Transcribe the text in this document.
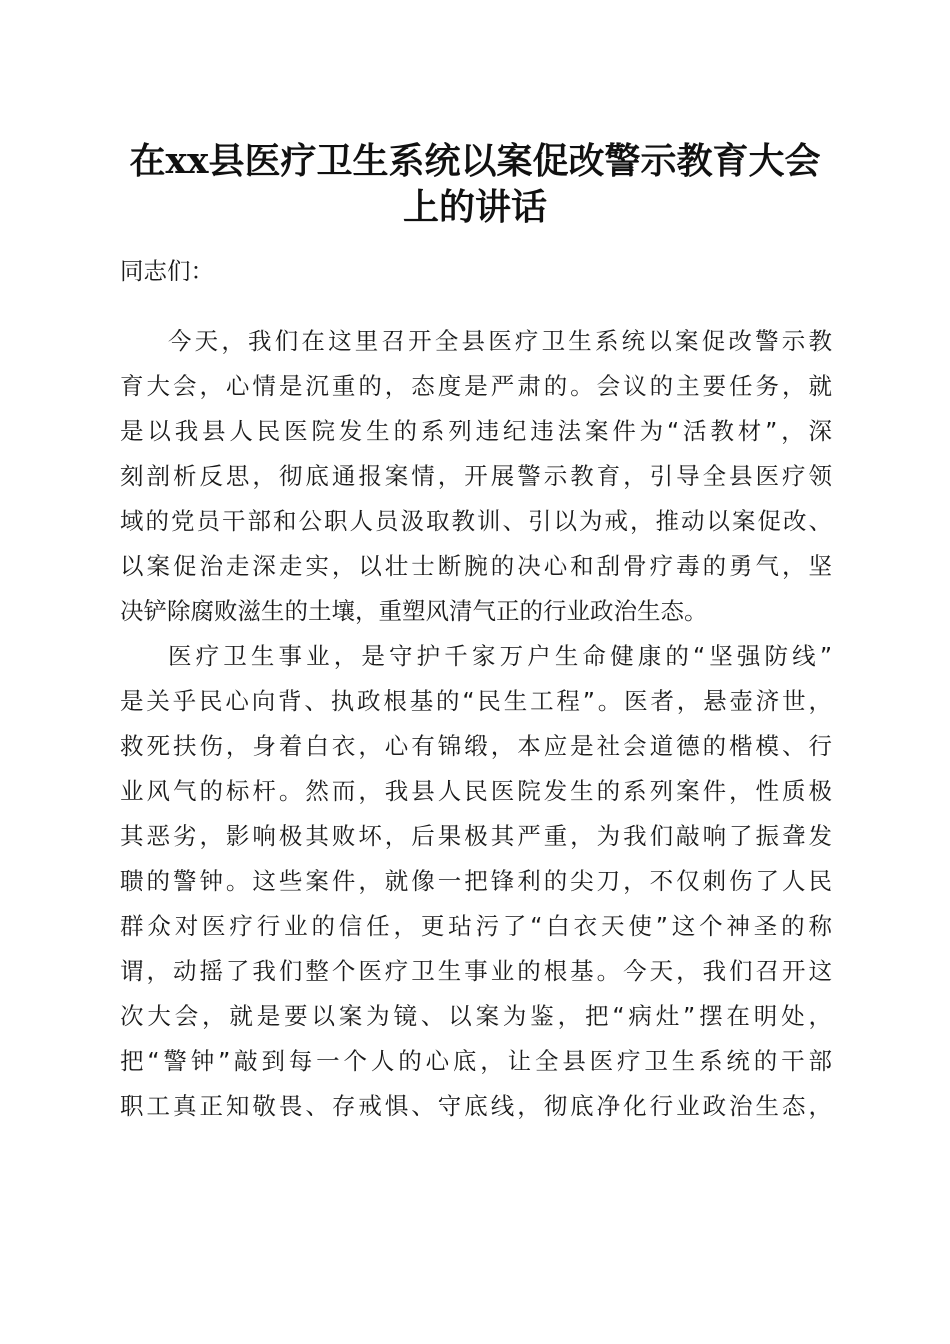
在xx县医疗卫生系统以案促改警示教育大会
上的讲话

同志们：

今天，我们在这里召开全县医疗卫生系统以案促改警示教

育大会，心情是沉重的，态度是严肃的。会议的主要任务，就

是以我县人民医院发生的系列违纪违法案件为“活教材”，深

刻剖析反思，彻底通报案情，开展警示教育，引导全县医疗领

域的党员干部和公职人员汲取教训、引以为戒，推动以案促改、

以案促治走深走实，以壮士断腕的决心和刮骨疗毒的勇气，坚

决铲除腐败滋生的土壤，重塑风清气正的行业政治生态。

医疗卫生事业，是守护千家万户生命健康的“坚强防线”

是关乎民心向背、执政根基的“民生工程”。医者，悬壶济世，

救死扶伤，身着白衣，心有锦缎，本应是社会道德的楷模、行

业风气的标杆。然而，我县人民医院发生的系列案件，性质极

其恶劣，影响极其败坏，后果极其严重，为我们敲响了振聋发

聩的警钟。这些案件，就像一把锋利的尖刀，不仅刺伤了人民

群众对医疗行业的信任，更玷污了“白衣天使”这个神圣的称

谓，动摇了我们整个医疗卫生事业的根基。今天，我们召开这

次大会，就是要以案为镜、以案为鉴，把“病灶”摆在明处，

把“警钟”敲到每一个人的心底，让全县医疗卫生系统的干部

职工真正知敬畏、存戒惧、守底线，彻底净化行业政治生态，
